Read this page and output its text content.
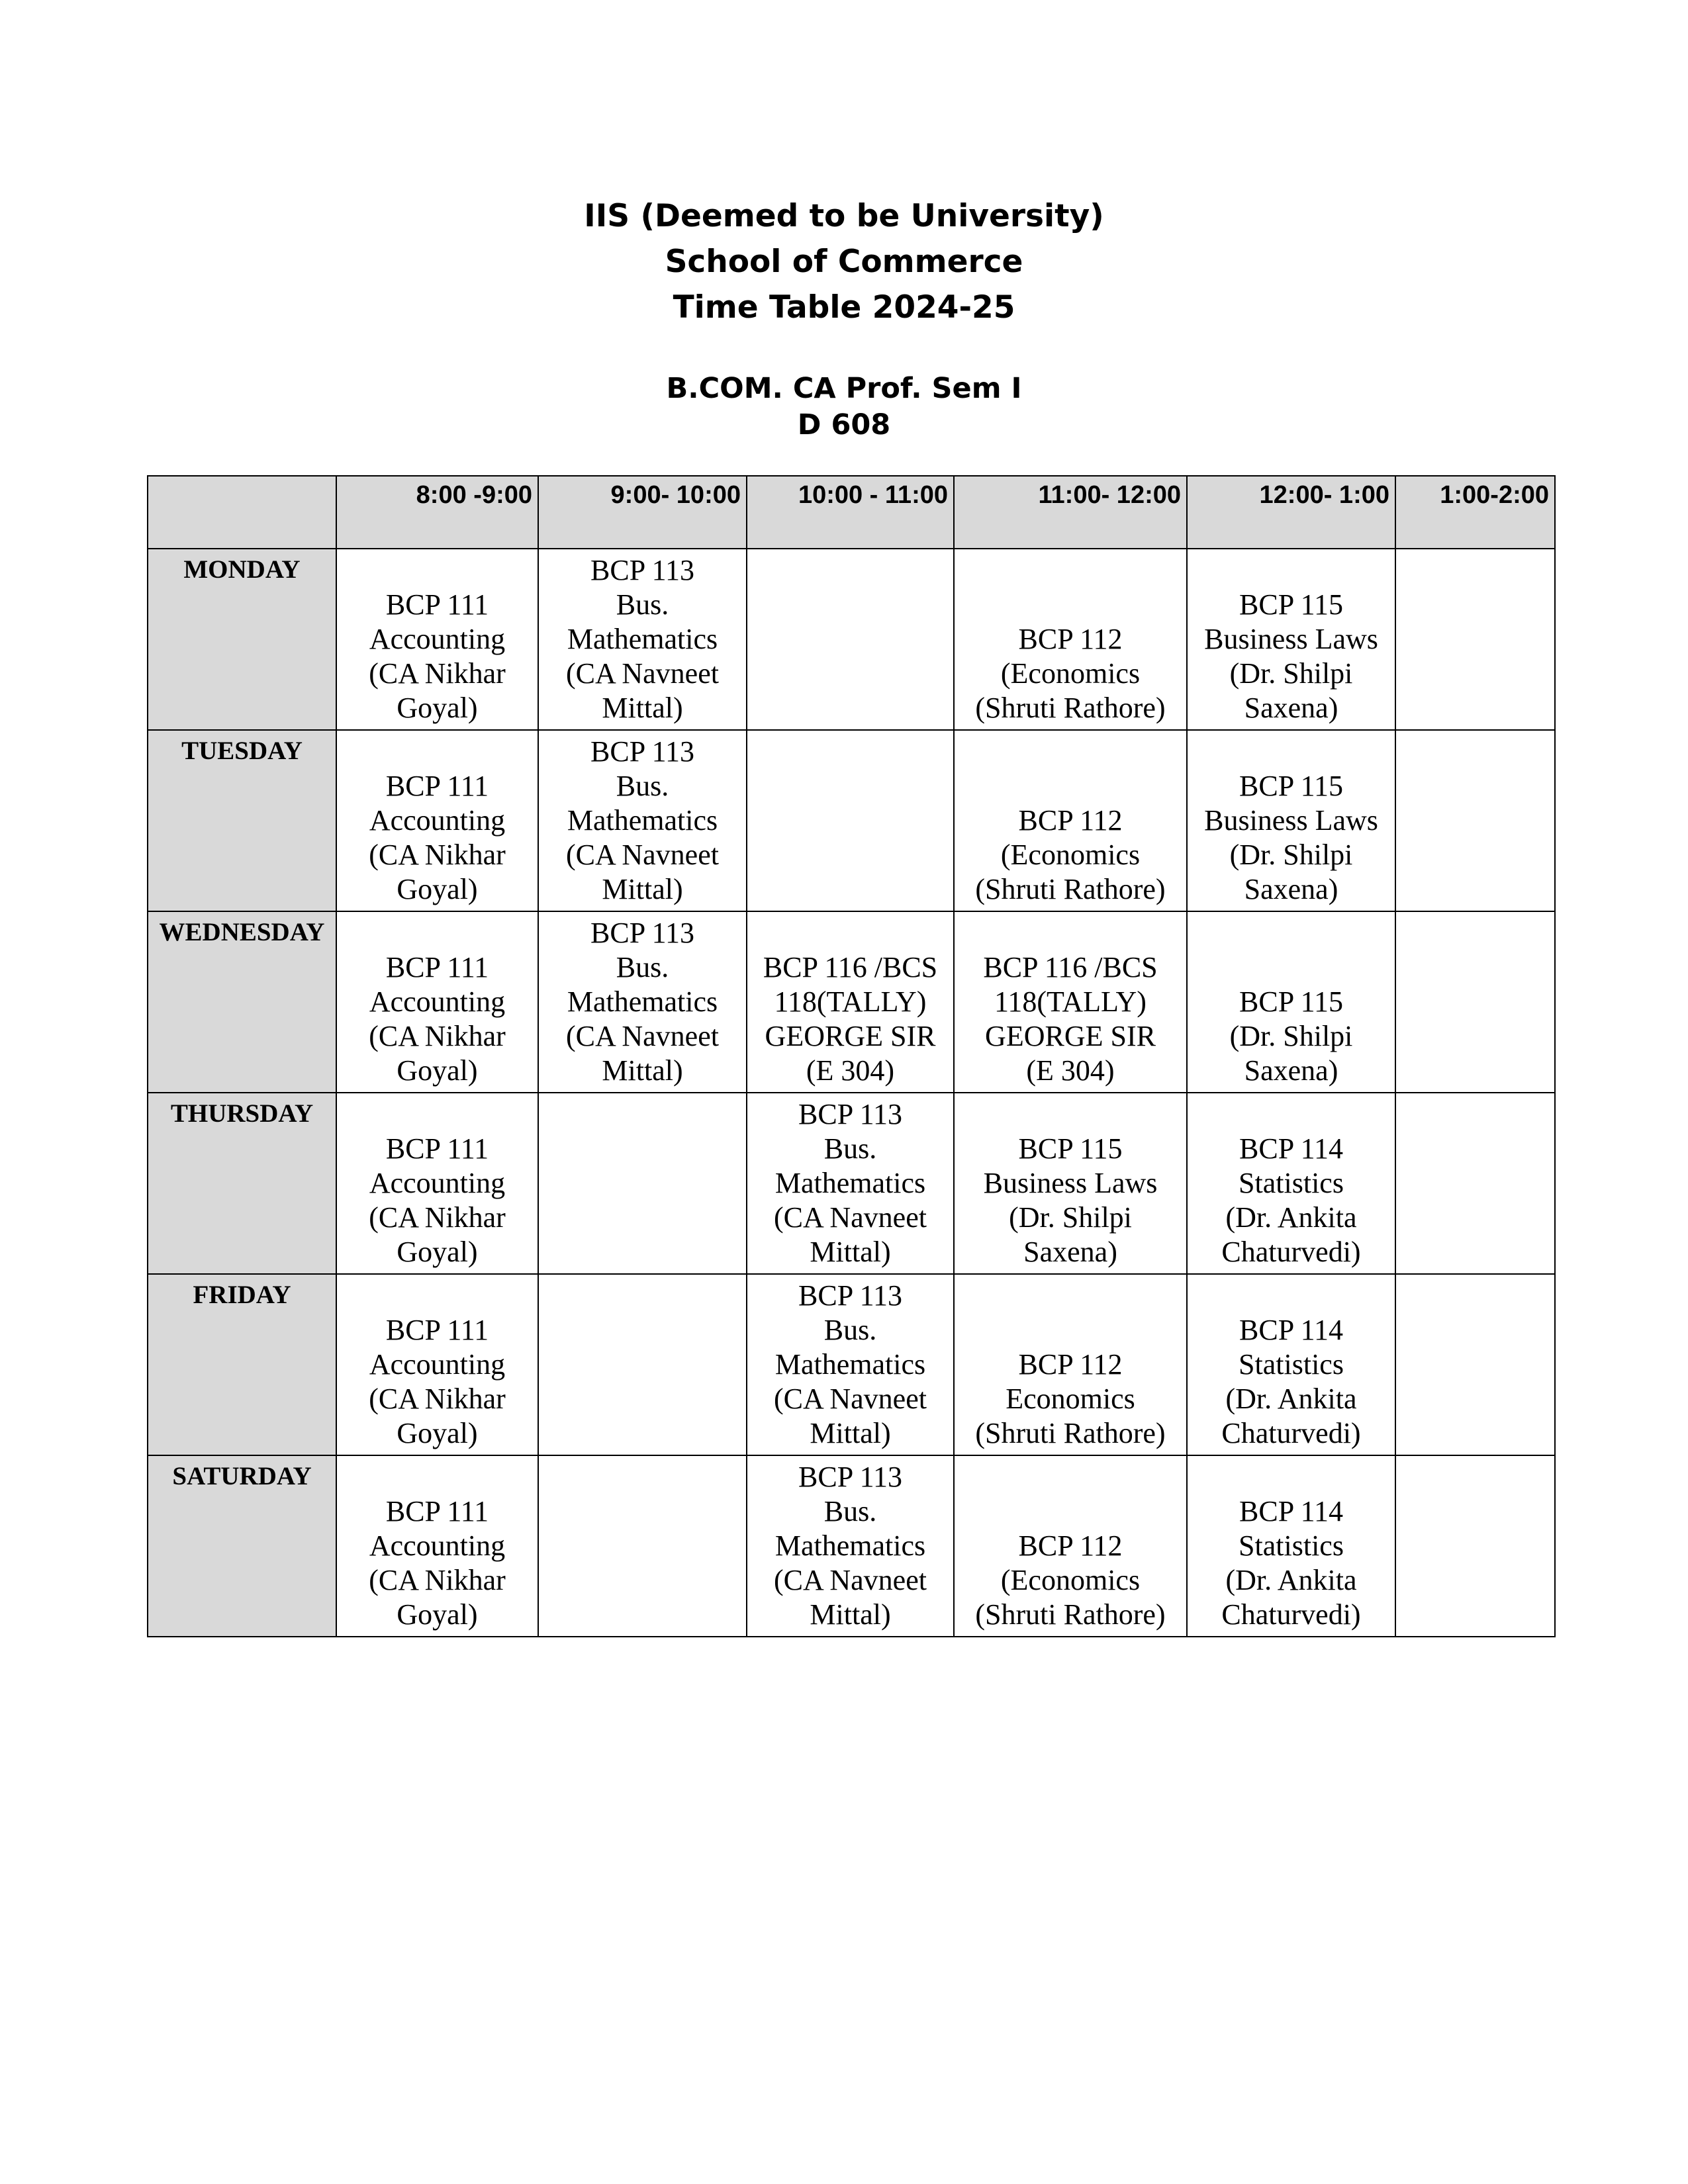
IIS (Deemed to be University)
School of Commerce
Time Table 2024-25
B.COM. CA Prof. Sem I
D 608
	8:00 -9:00	9:00- 10:00	10:00 - 11:00	11:00- 12:00	12:00- 1:00	1:00-2:00
MONDAY	BCP 111
Accounting
(CA Nikhar
Goyal)	BCP 113
Bus.
Mathematics
(CA Navneet
Mittal)		BCP 112
(Economics
(Shruti Rathore)	BCP 115
Business Laws
(Dr. Shilpi
Saxena)	

TUESDAY	BCP 111
Accounting
(CA Nikhar
Goyal)	BCP 113
Bus.
Mathematics
(CA Navneet
Mittal)		BCP 112
(Economics
(Shruti Rathore)	BCP 115
Business Laws
(Dr. Shilpi
Saxena)	

WEDNESDAY	BCP 111
Accounting
(CA Nikhar
Goyal)	BCP 113
Bus.
Mathematics
(CA Navneet
Mittal)	BCP 116 /BCS
118(TALLY)
GEORGE SIR
(E 304)	BCP 116 /BCS
118(TALLY)
GEORGE SIR
(E 304)	BCP 115
(Dr. Shilpi
Saxena)	

THURSDAY	BCP 111
Accounting
(CA Nikhar
Goyal)		BCP 113
Bus.
Mathematics
(CA Navneet
Mittal)	BCP 115
Business Laws
(Dr. Shilpi
Saxena)	BCP 114
Statistics
(Dr. Ankita
Chaturvedi)	

FRIDAY	BCP 111
Accounting
(CA Nikhar
Goyal)		BCP 113
Bus.
Mathematics
(CA Navneet
Mittal)	BCP 112
Economics
(Shruti Rathore)	BCP 114
Statistics
(Dr. Ankita
Chaturvedi)	

SATURDAY	BCP 111
Accounting
(CA Nikhar
Goyal)		BCP 113
Bus.
Mathematics
(CA Navneet
Mittal)	BCP 112
(Economics
(Shruti Rathore)	BCP 114
Statistics
(Dr. Ankita
Chaturvedi)	
